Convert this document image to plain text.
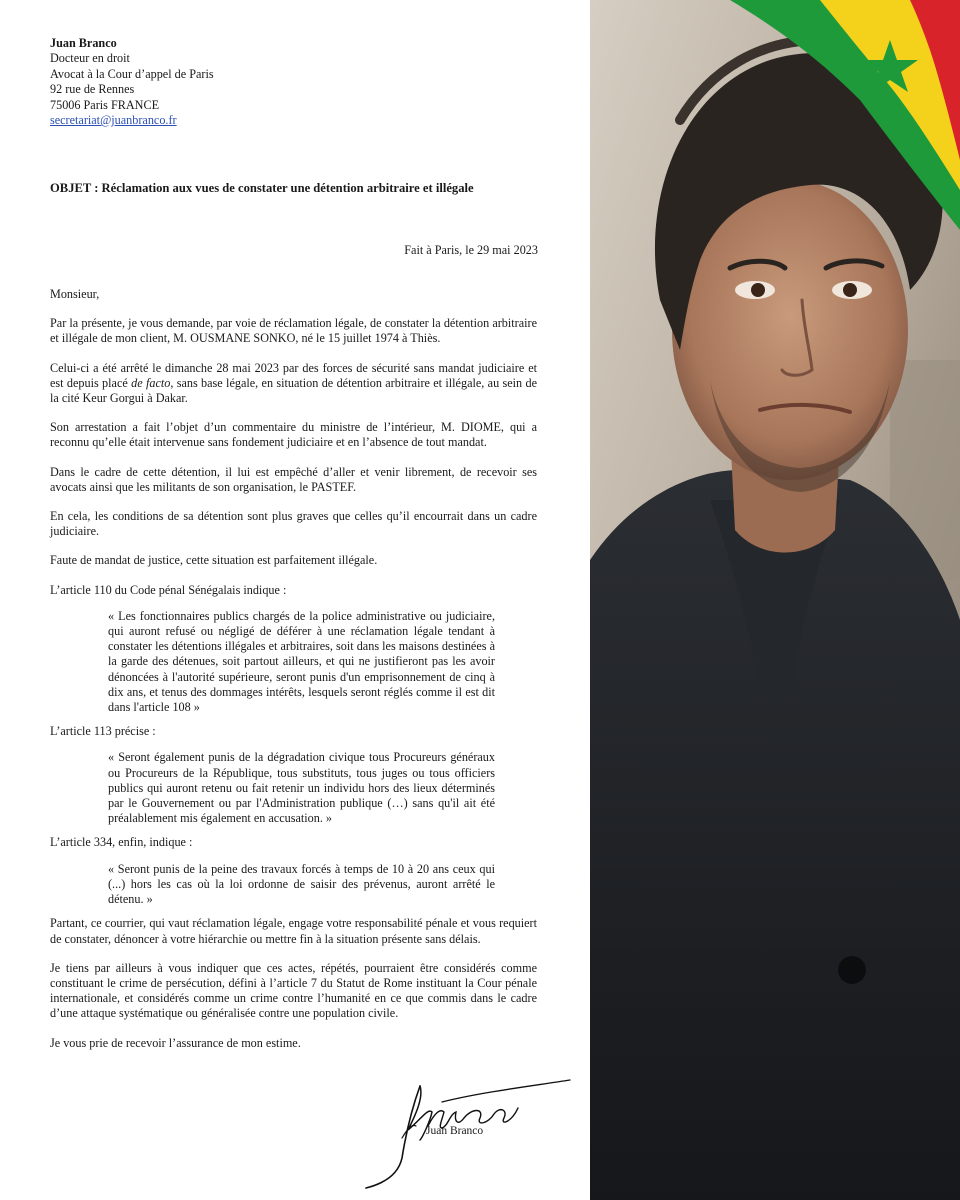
Juan Branco
Docteur en droit
Avocat à la Cour d’appel de Paris
92 rue de Rennes
75006 Paris FRANCE
secretariat@juanbranco.fr
OBJET : Réclamation aux vues de constater une détention arbitraire et illégale
Fait à Paris, le 29 mai 2023

Monsieur,

Par la présente, je vous demande, par voie de réclamation légale, de constater la détention arbitraire et illégale de mon client, M. OUSMANE SONKO, né le 15 juillet 1974 à Thiès.

Celui-ci a été arrêté le dimanche 28 mai 2023 par des forces de sécurité sans mandat judiciaire et est depuis placé de facto, sans base légale, en situation de détention arbitraire et illégale, au sein de la cité Keur Gorgui à Dakar.

Son arrestation a fait l’objet d’un commentaire du ministre de l’intérieur, M. DIOME, qui a reconnu qu’elle était intervenue sans fondement judiciaire et en l’absence de tout mandat.

Dans le cadre de cette détention, il lui est empêché d’aller et venir librement, de recevoir ses avocats ainsi que les militants de son organisation, le PASTEF.

En cela, les conditions de sa détention sont plus graves que celles qu’il encourrait dans un cadre judiciaire.

Faute de mandat de justice, cette situation est parfaitement illégale.

L’article 110 du Code pénal Sénégalais indique :

« Les fonctionnaires publics chargés de la police administrative ou judiciaire, qui auront refusé ou négligé de déférer à une réclamation légale tendant à constater les détentions illégales et arbitraires, soit dans les maisons destinées à la garde des détenues, soit partout ailleurs, et qui ne justifieront pas les avoir dénoncées à l'autorité supérieure, seront punis d'un emprisonnement de cinq à dix ans, et tenus des dommages intérêts, lesquels seront réglés comme il est dit dans l'article 108 »

L’article 113 précise :

« Seront également punis de la dégradation civique tous Procureurs généraux ou Procureurs de la République, tous substituts, tous juges ou tous officiers publics qui auront retenu ou fait retenir un individu hors des lieux déterminés par le Gouvernement ou par l'Administration publique (…) sans qu'il ait été préalablement mis également en accusation. »

L’article 334, enfin, indique :

« Seront punis de la peine des travaux forcés à temps de 10 à 20 ans ceux qui (...) hors les cas où la loi ordonne de saisir des prévenus, auront arrêté le détenu. »

Partant, ce courrier, qui vaut réclamation légale, engage votre responsabilité pénale et vous requiert de constater, dénoncer à votre hiérarchie ou mettre fin à la situation présente sans délais.

Je tiens par ailleurs à vous indiquer que ces actes, répétés, pourraient être considérés comme constituant le crime de persécution, défini à l’article 7 du Statut de Rome instituant la Cour pénale internationale, et considérés comme un crime contre l’humanité en ce que commis dans le cadre d’une attaque systématique ou généralisée contre une population civile.

Je vous prie de recevoir l’assurance de mon estime.

Juan Branco
